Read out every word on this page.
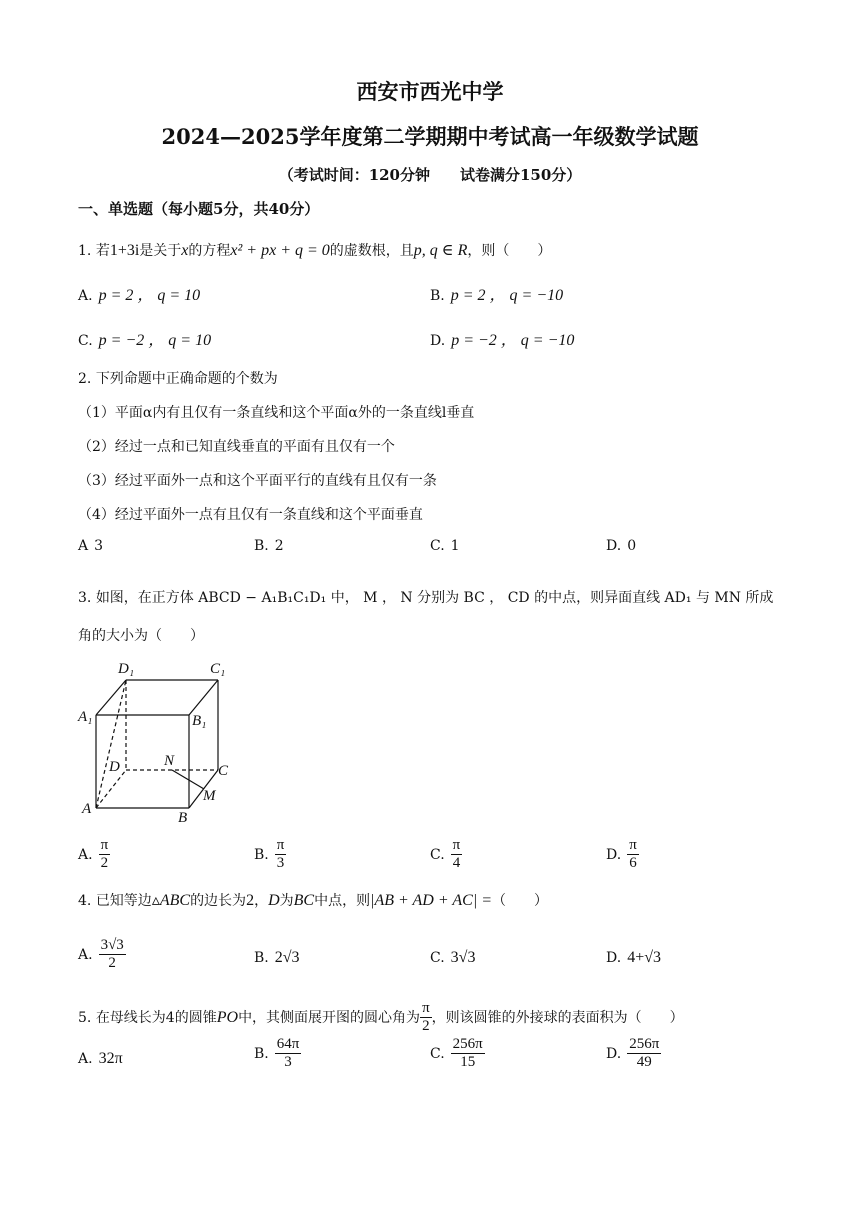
西安市西光中学
2024—2025学年度第二学期期中考试高一年级数学试题
（考试时间：120分钟　　试卷满分150分）
一、单选题（每小题5分，共40分）
1. 若1+3i是关于x的方程x² + px + q = 0的虚数根，且p, q ∈ R，则（　　）
A. p = 2 ， q = 10	B. p = 2 ， q = −10
C. p = −2 ， q = 10	D. p = −2 ， q = −10
2. 下列命题中正确命题的个数为
（1）平面α内有且仅有一条直线和这个平面α外的一条直线l垂直
（2）经过一点和已知直线垂直的平面有且仅有一个
（3）经过平面外一点和这个平面平行的直线有且仅有一条
（4）经过平面外一点有且仅有一条直线和这个平面垂直
A 3	B. 2	C. 1	D. 0
3. 如图，在正方体 ABCD − A₁B₁C₁D₁ 中， M ， N 分别为 BC ， CD 的中点，则异面直线 AD₁ 与 MN 所成
角的大小为（　　）
D₁	C₁
A₁	B₁
D	N
C
A
M
B
A. $\frac{\pi}{2}$	B. $\frac{\pi}{3}$	C. $\frac{\pi}{4}$	D. $\frac{\pi}{6}$
4. 已知等边▵ABC的边长为2，D为BC中点，则|AB + AD + AC| =（　　）
A. $\frac{3√3}{2}$	B. 2√3	C. 3√3	D. 4+√3
5. 在母线长为4的圆锥PO中，其侧面展开图的圆心角为 $\frac{\pi}{2}$ ，则该圆锥的外接球的表面积为（　　）
A. 32π	B. $\frac{64\pi}{3}$	C. $\frac{256\pi}{15}$	D. $\frac{256\pi}{49}$
